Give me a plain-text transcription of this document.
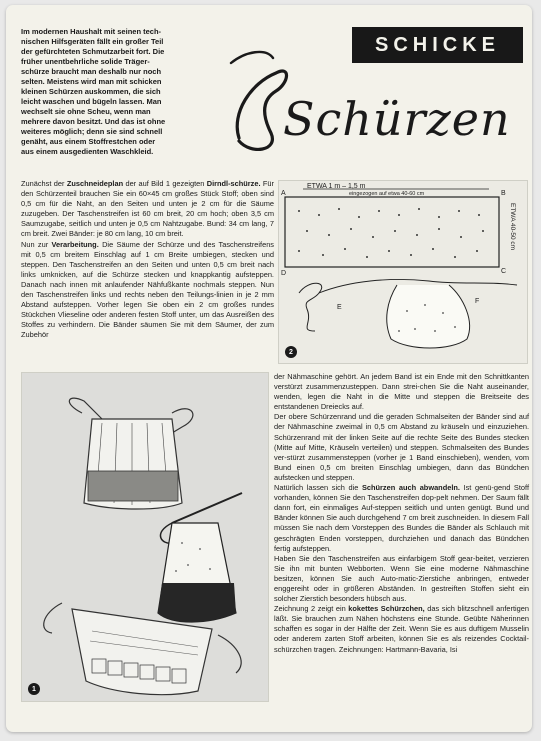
Im modernen Haushalt mit seinen tech-
nischen Hilfsgeräten fällt ein großer Teil
der gefürchteten Schmutzarbeit fort. Die
früher unentbehrliche solide Träger-
schürze braucht man deshalb nur noch
selten. Meistens wird man mit schicken
kleinen Schürzen auskommen, die sich
leicht waschen und bügeln lassen. Man
wechselt sie ohne Scheu, wenn man
mehrere davon besitzt. Und das ist ohne
weiteres möglich; denn sie sind schnell
genäht, aus einem Stoffrestchen oder
aus einem ausgedienten Waschkleid.
SCHICKE
Schürzen

Zunächst der Zuschneideplan der auf Bild 1 gezeigten Dirndl-schürze. Für den Schürzenteil brauchen Sie ein 60×45 cm großes Stück Stoff; oben sind 0,5 cm für die Naht, an den Seiten und unten je 2 cm für die Säume zuzugeben. Der Taschenstreifen ist 60 cm breit, 20 cm hoch; oben 3,5 cm Saumzugabe, seitlich und unten je 0,5 cm Nahtzugabe. Bund: 34 cm lang, 7 cm breit. Zwei Bänder: je 80 cm lang, 10 cm breit.

Nun zur Verarbeitung. Die Säume der Schürze und des Taschenstreifens mit 0,5 cm breitem Einschlag auf 1 cm Breite umbiegen, stecken und steppen. Den Taschenstreifen an den Seiten und unten 0,5 cm breit nach links umknicken, auf die Schürze stecken und knappkantig aufsteppen. Danach nach innen mit anlaufender Nähfußkante nochmals steppen. Nun den Taschenstreifen links und rechts neben den Teilungs-linien in je 2 mm Abstand aufsteppen. Vorher legen Sie oben ein 2 cm großes rundes Stückchen Vlieseline oder anderen festen Stoff unter, um das Ausreißen des Stoffes zu verhindern. Die Bänder säumen Sie mit dem Säumer, der zum Zubehör

ETWA 1 m – 1,5 m
eingezogen auf etwa 40-60 cm
A	B
C
D
ETWA 40-50 cm
E
F
2
1

der Nähmaschine gehört. An jedem Band ist ein Ende mit den Schnittkanten verstürzt zusammenzusteppen. Dann strei-chen Sie die Naht auseinander, wenden, legen die Naht in die Mitte und steppen die Breitseite des entstandenen Dreiecks auf.

Der obere Schürzenrand und die geraden Schmalseiten der Bänder sind auf der Nähmaschine zweimal in 0,5 cm Abstand zu kräuseln und einzuziehen. Schürzenrand mit der linken Seite auf die rechte Seite des Bundes stecken (Mitte auf Mitte, Kräuseln verteilen) und steppen. Schmalseiten des Bundes ver-stürzt zusammensteppen (vorher je 1 Band einschieben), wenden, vom Bund einen 0,5 cm breiten Einschlag umbiegen, dann das Bündchen aufstecken und steppen.

Natürlich lassen sich die Schürzen auch abwandeln. Ist genü-gend Stoff vorhanden, können Sie den Taschenstreifen dop-pelt nehmen. Der Saum fällt dann fort, ein einmaliges Auf-steppen seitlich und unten genügt. Bund und Bänder können Sie auch durchgehend 7 cm breit zuschneiden. In diesem Fall müssen Sie nach dem Vorsteppen des Bundes die Bänder als Schlauch mit geschrägten Enden vorsteppen, durchziehen und danach das Bündchen fertig aufsteppen.

Haben Sie den Taschenstreifen aus einfarbigem Stoff gear-beitet, verzieren Sie ihn mit bunten Webborten. Wenn Sie eine moderne Nähmaschine besitzen, können Sie auch Auto-matic-Zierstiche anbringen, entweder enggereiht oder in größeren Abständen. In gestreiften Stoffen sieht ein solcher Zierstich besonders hübsch aus.

Zeichnung 2 zeigt ein kokettes Schürzchen, das sich blitzschnell anfertigen läßt. Sie brauchen zum Nähen höchstens eine Stunde. Geübte Näherinnen schaffen es sogar in der Hälfte der Zeit. Wenn Sie es aus duftigem Musselin oder anderem zarten Stoff arbeiten, können Sie es als reizendes Cocktail-schürzchen tragen. Zeichnungen: Hartmann-Bavaria, Isi
